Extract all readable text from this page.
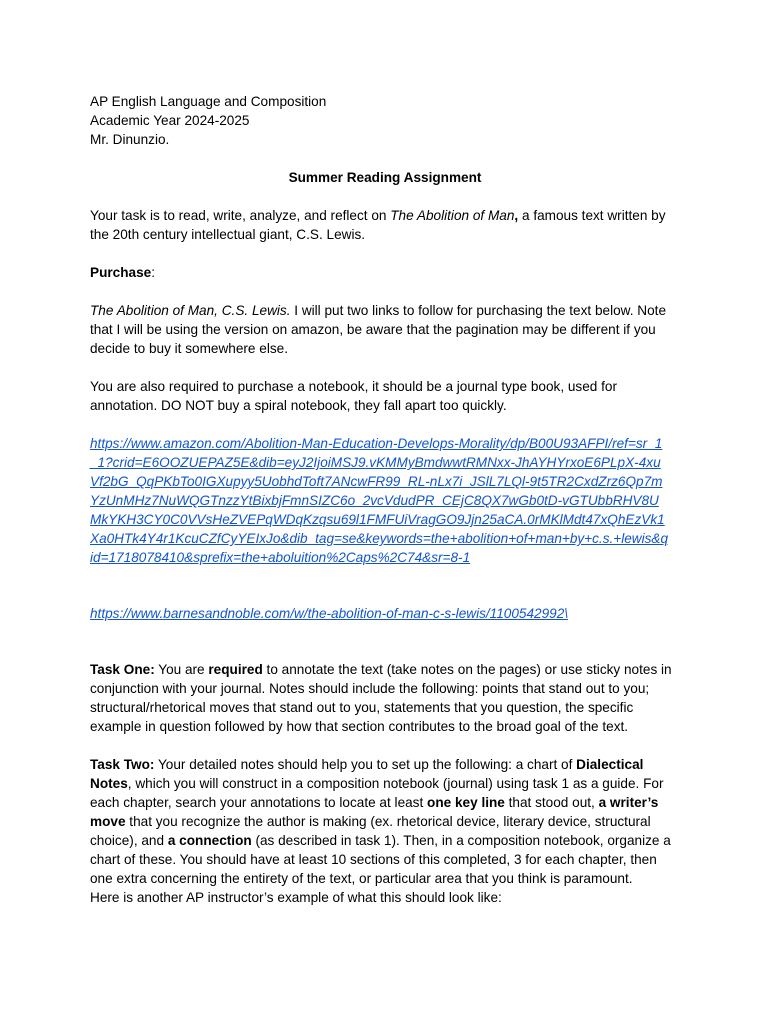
AP English Language and Composition
Academic Year 2024-2025
Mr. Dinunzio.
Summer Reading Assignment
Your task is to read, write, analyze, and reflect on The Abolition of Man, a famous text written by the 20th century intellectual giant, C.S. Lewis.
Purchase:
The Abolition of Man, C.S. Lewis. I will put two links to follow for purchasing the text below. Note that I will be using the version on amazon, be aware that the pagination may be different if you decide to buy it somewhere else.
You are also required to purchase a notebook, it should be a journal type book, used for annotation. DO NOT buy a spiral notebook, they fall apart too quickly.
https://www.amazon.com/Abolition-Man-Education-Develops-Morality/dp/B00U93AFPI/ref=sr_1
_1?crid=E6OOZUEPAZ5E&dib=eyJ2IjoiMSJ9.vKMMyBmdwwtRMNxx-JhAYHYrxoE6PLpX-4xu
Vf2bG_QqPKbTo0IGXupyy5UobhdToft7ANcwFR99_RL-nLx7i_JSlL7LQl-9t5TR2CxdZrz6Qp7m
YzUnMHz7NuWQGTnzzYtBixbjFmnSIZC6o_2vcVdudPR_CEjC8QX7wGb0tD-vGTUbbRHV8U
MkYKH3CY0C0VVsHeZVEPqWDqKzqsu69l1FMFUiVragGO9Jjn25aCA.0rMKlMdt47xQhEzVk1
Xa0HTk4Y4r1KcuCZfCyYEIxJo&dib_tag=se&keywords=the+abolition+of+man+by+c.s.+lewis&q
id=1718078410&sprefix=the+aboluition%2Caps%2C74&sr=8-1
https://www.barnesandnoble.com/w/the-abolition-of-man-c-s-lewis/1100542992\
Task One: You are required to annotate the text (take notes on the pages) or use sticky notes in conjunction with your journal. Notes should include the following: points that stand out to you; structural/rhetorical moves that stand out to you, statements that you question, the specific example in question followed by how that section contributes to the broad goal of the text.
Task Two: Your detailed notes should help you to set up the following: a chart of Dialectical Notes, which you will construct in a composition notebook (journal) using task 1 as a guide. For each chapter, search your annotations to locate at least one key line that stood out, a writer’s move that you recognize the author is making (ex. rhetorical device, literary device, structural choice), and a connection (as described in task 1). Then, in a composition notebook, organize a chart of these. You should have at least 10 sections of this completed, 3 for each chapter, then one extra concerning the entirety of the text, or particular area that you think is paramount.
Here is another AP instructor’s example of what this should look like:
